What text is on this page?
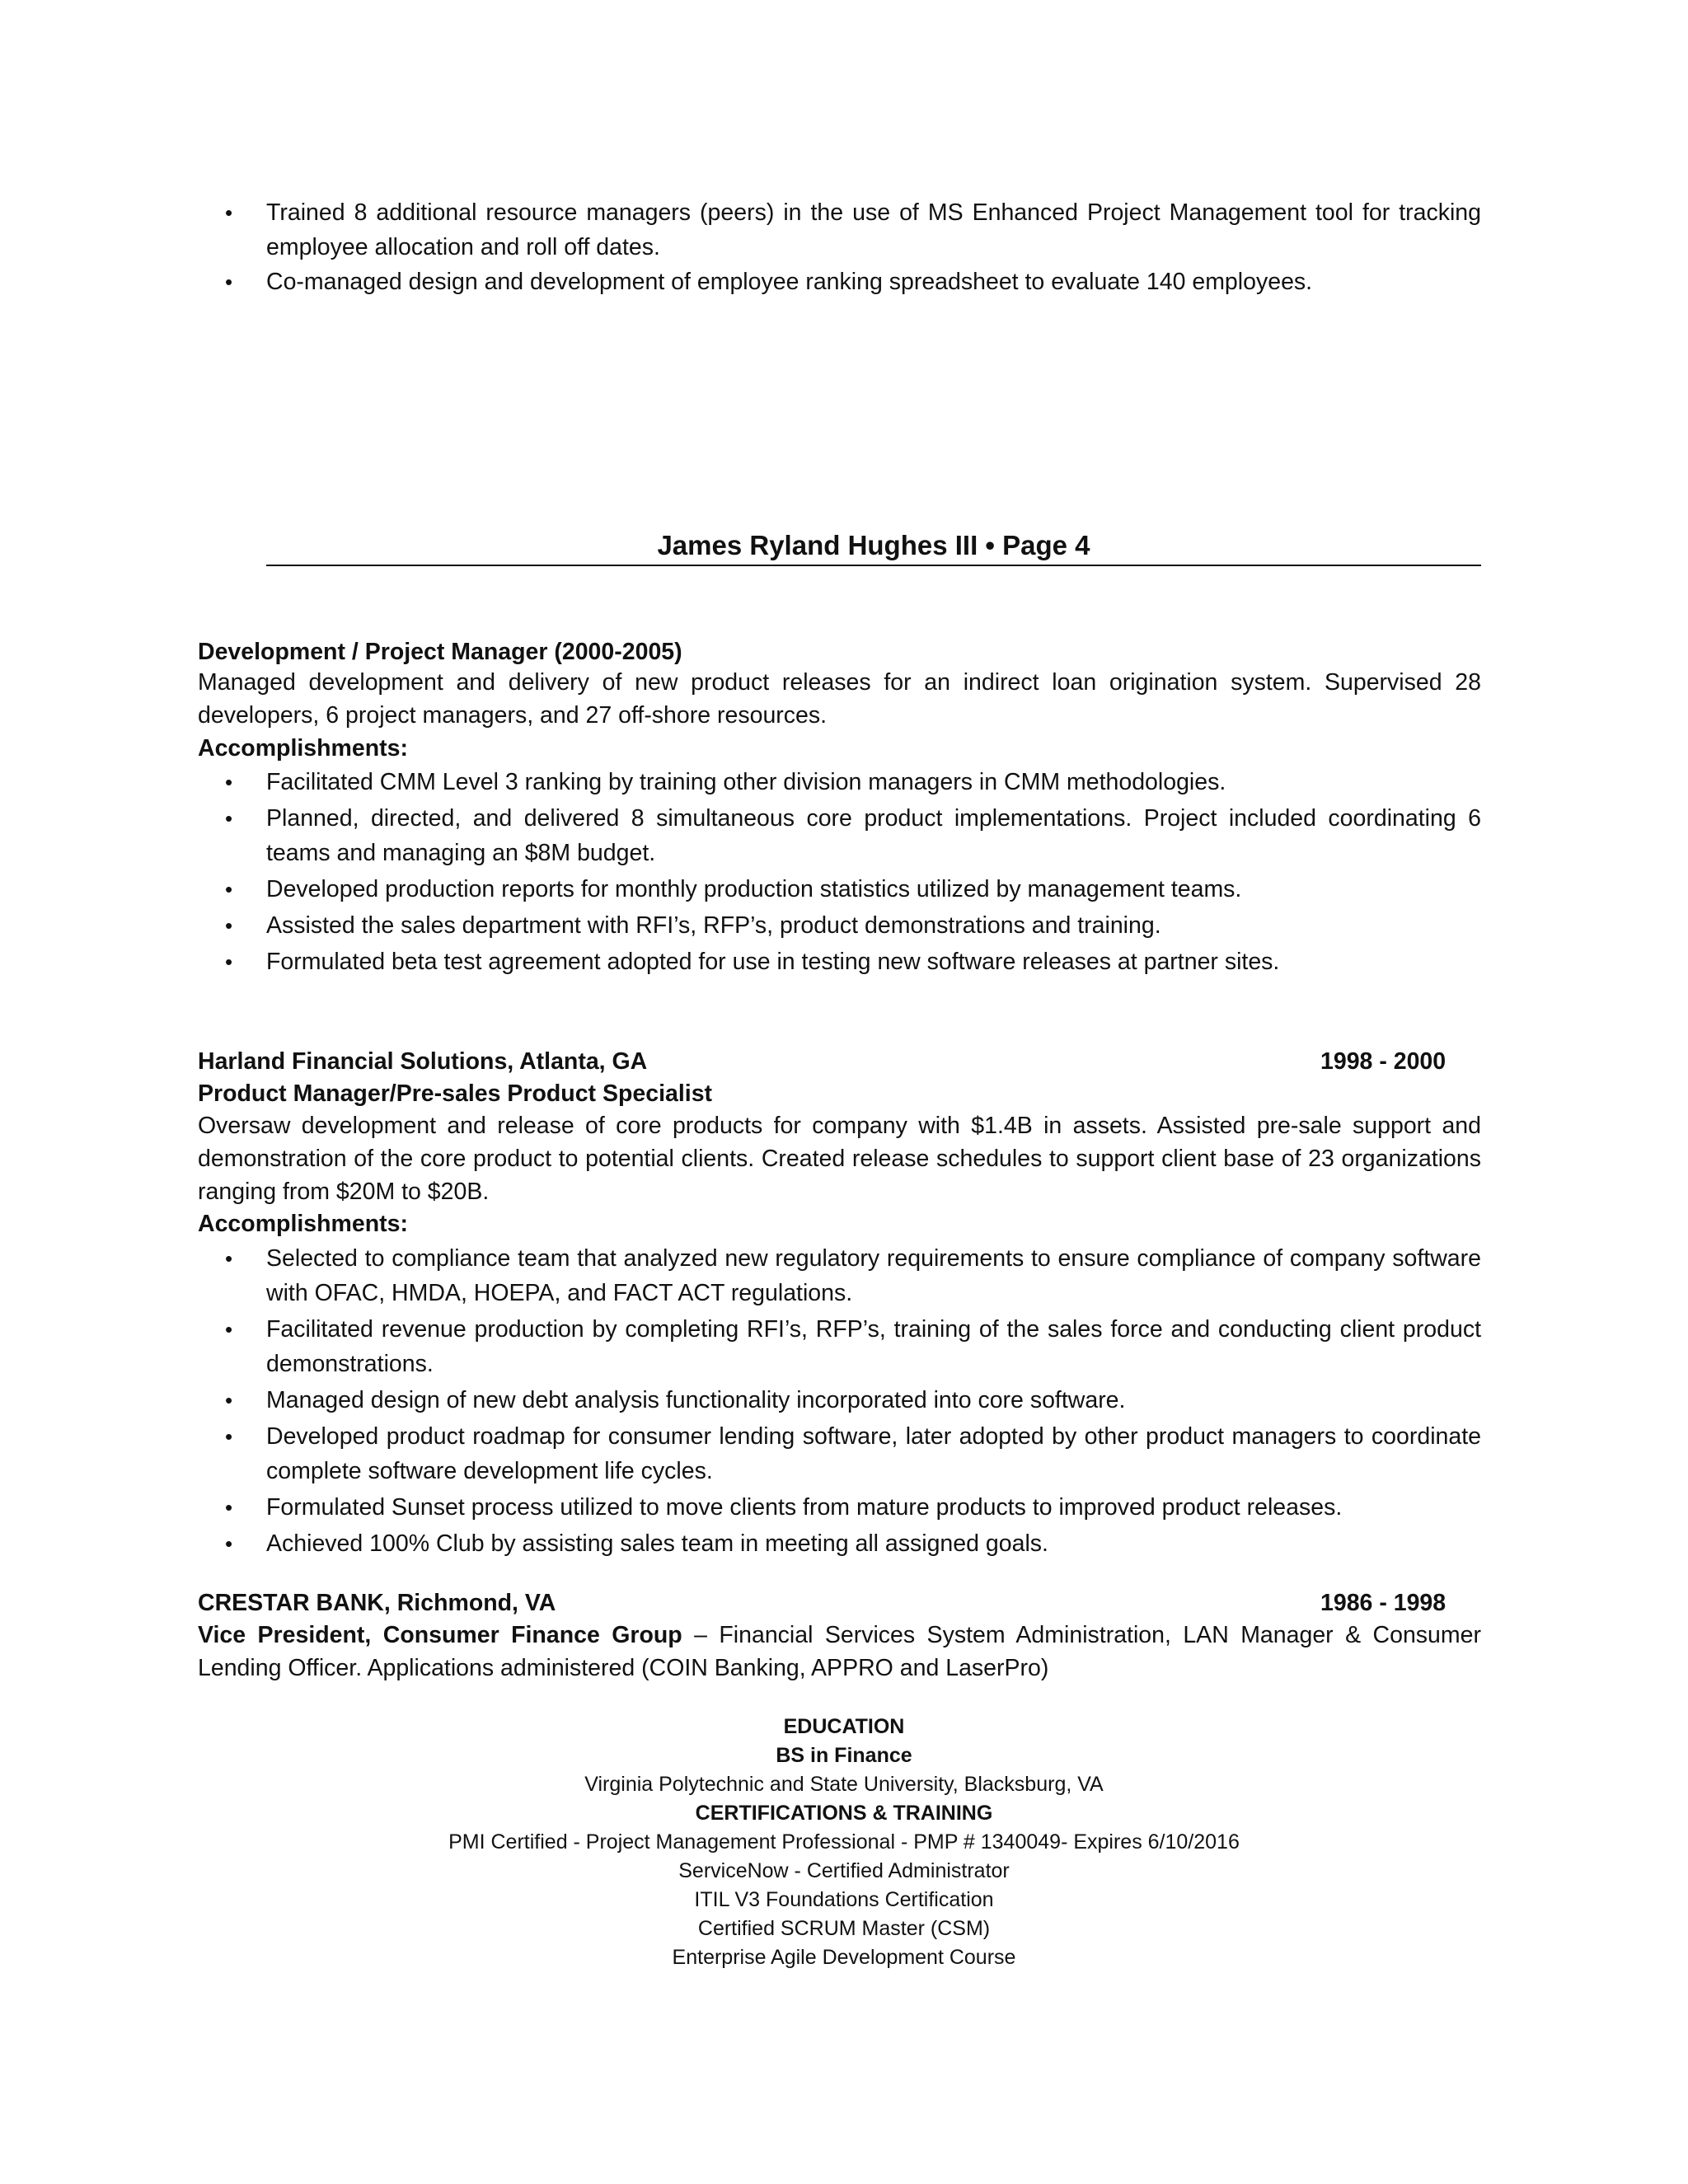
• Trained 8 additional resource managers (peers) in the use of MS Enhanced Project Management tool for tracking employee allocation and roll off dates.
• Co-managed design and development of employee ranking spreadsheet to evaluate 140 employees.
James Ryland Hughes III • Page 4
Development / Project Manager (2000-2005)
Managed development and delivery of new product releases for an indirect loan origination system. Supervised 28 developers, 6 project managers, and 27 off-shore resources.
Accomplishments:
• Facilitated CMM Level 3 ranking by training other division managers in CMM methodologies.
• Planned, directed, and delivered 8 simultaneous core product implementations. Project included coordinating 6 teams and managing an $8M budget.
• Developed production reports for monthly production statistics utilized by management teams.
• Assisted the sales department with RFI’s, RFP’s, product demonstrations and training.
• Formulated beta test agreement adopted for use in testing new software releases at partner sites.
Harland Financial Solutions, Atlanta, GA	1998 - 2000
Product Manager/Pre-sales Product Specialist
Oversaw development and release of core products for company with $1.4B in assets. Assisted pre-sale support and demonstration of the core product to potential clients. Created release schedules to support client base of 23 organizations ranging from $20M to $20B.
Accomplishments:
• Selected to compliance team that analyzed new regulatory requirements to ensure compliance of company software with OFAC, HMDA, HOEPA, and FACT ACT regulations.
• Facilitated revenue production by completing RFI’s, RFP’s, training of the sales force and conducting client product demonstrations.
• Managed design of new debt analysis functionality incorporated into core software.
• Developed product roadmap for consumer lending software, later adopted by other product managers to coordinate complete software development life cycles.
• Formulated Sunset process utilized to move clients from mature products to improved product releases.
• Achieved 100% Club by assisting sales team in meeting all assigned goals.
CRESTAR BANK, Richmond, VA	1986 - 1998
Vice President, Consumer Finance Group – Financial Services System Administration, LAN Manager & Consumer Lending Officer. Applications administered (COIN Banking, APPRO and LaserPro)
EDUCATION
BS in Finance
Virginia Polytechnic and State University, Blacksburg, VA
CERTIFICATIONS & TRAINING
PMI Certified - Project Management Professional - PMP # 1340049- Expires 6/10/2016
ServiceNow - Certified Administrator
ITIL V3 Foundations Certification
Certified SCRUM Master (CSM)
Enterprise Agile Development Course
